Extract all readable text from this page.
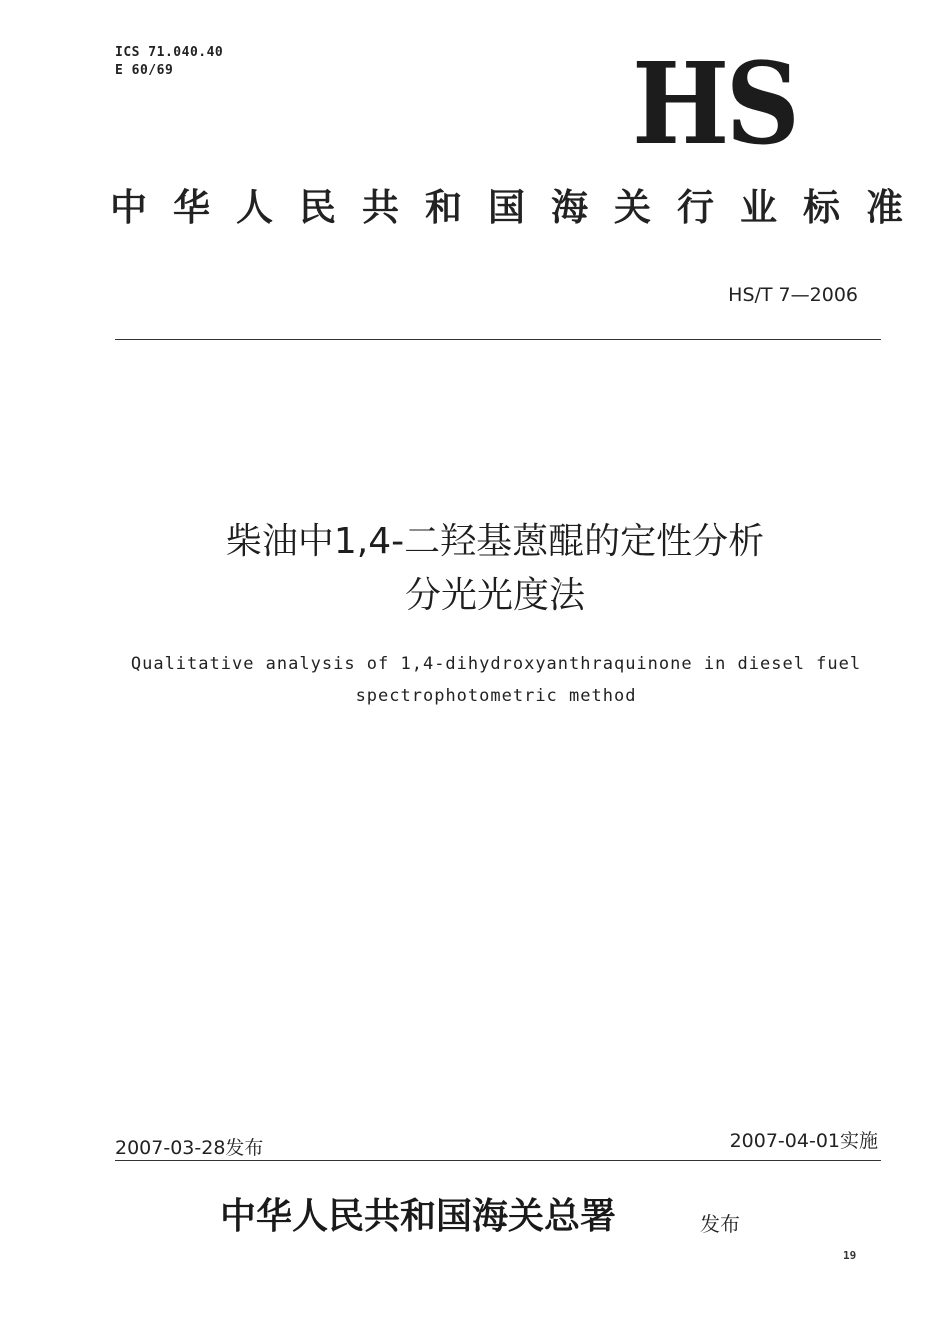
ICS 71.040.40
E 60/69	HS
中华人民共和国海关行业标准
HS/T 7—2006
柴油中1,4-二羟基蒽醌的定性分析
分光光度法
Qualitative analysis of 1,4-dihydroxyanthraquinone in diesel fuel
spectrophotometric method
2007-03-28发布	2007-04-01实施
中华人民共和国海关总署	发布
19
